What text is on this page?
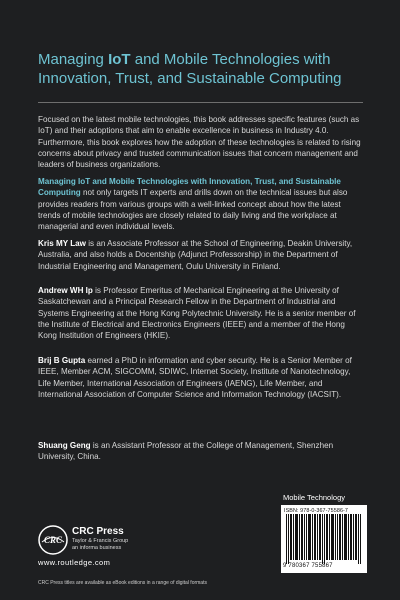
Managing IoT and Mobile Technologies with
Innovation, Trust, and Sustainable Computing
Focused on the latest mobile technologies, this book addresses specific features (such as IoT) and their adoptions that aim to enable excellence in business in Industry 4.0. Furthermore, this book explores how the adoption of these technologies is related to rising concerns about privacy and trusted communication issues that concern management and leaders of business organizations.
Managing IoT and Mobile Technologies with Innovation, Trust, and Sustainable Computing not only targets IT experts and drills down on the technical issues but also provides readers from various groups with a well-linked concept about how the latest trends of mobile technologies are closely related to daily living and the workplace at managerial and even individual levels.
Kris MY Law is an Associate Professor at the School of Engineering, Deakin University, Australia, and also holds a Docentship (Adjunct Professorship) in the Department of Industrial Engineering and Management, Oulu University in Finland.
Andrew WH Ip is Professor Emeritus of Mechanical Engineering at the University of Saskatchewan and a Principal Research Fellow in the Department of Industrial and Systems Engineering at the Hong Kong Polytechnic University. He is a senior member of the Institute of Electrical and Electronics Engineers (IEEE) and a member of the Hong Kong Institution of Engineers (HKIE).
Brij B Gupta earned a PhD in information and cyber security. He is a Senior Member of IEEE, Member ACM, SIGCOMM, SDIWC, Internet Society, Institute of Nanotechnology, Life Member, International Association of Engineers (IAENG), Life Member, and International Association of Computer Science and Information Technology (IACSIT).
Shuang Geng is an Assistant Professor at the College of Management, Shenzhen University, China.
Mobile Technology
ISBN: 978-0-367-75586-7
9 780367 755867
CRC
CRC Press
Taylor & Francis Group
an informa business
www.routledge.com
CRC Press titles are available as eBook editions in a range of digital formats
